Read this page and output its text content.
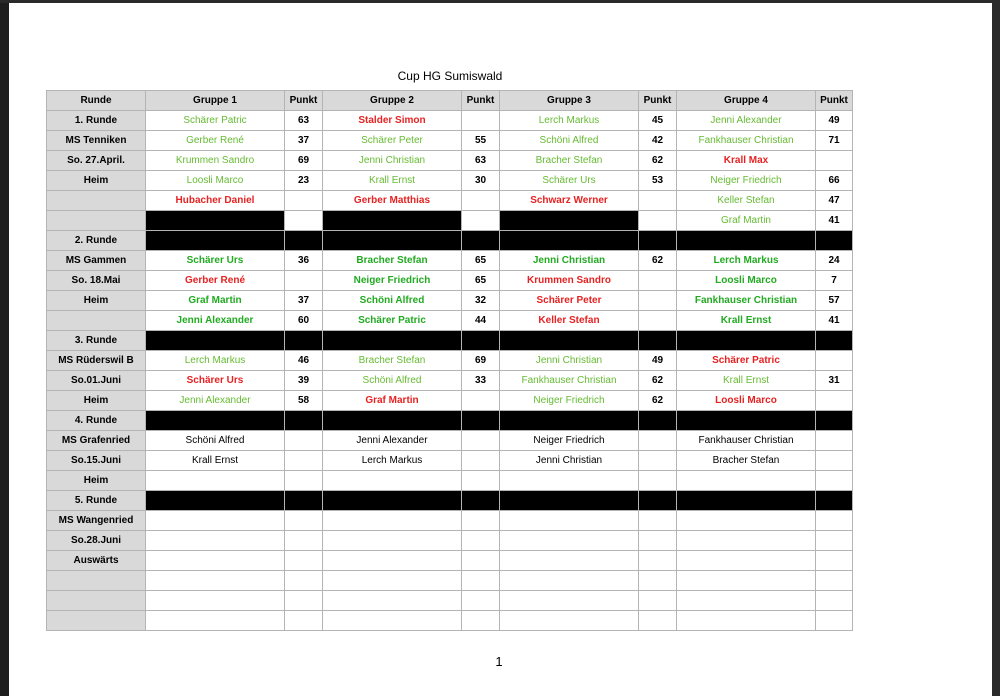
Cup HG Sumiswald
Runde	Gruppe 1	Punkt	Gruppe 2	Punkt	Gruppe 3	Punkt	Gruppe 4	Punkt
1. Runde	Schärer Patric	63	Stalder Simon		Lerch Markus	45	Jenni Alexander	49
MS Tenniken	Gerber René	37	Schärer Peter	55	Schöni Alfred	42	Fankhauser Christian	71
So. 27.April.	Krummen Sandro	69	Jenni Christian	63	Bracher Stefan	62	Krall Max	
Heim	Loosli Marco	23	Krall Ernst	30	Schärer Urs	53	Neiger Friedrich	66
	Hubacher Daniel		Gerber Matthias		Schwarz Werner		Keller Stefan	47
							Graf Martin	41
2. Runde								
MS Gammen	Schärer Urs	36	Bracher Stefan	65	Jenni Christian	62	Lerch Markus	24
So. 18.Mai	Gerber René		Neiger Friedrich	65	Krummen Sandro		Loosli Marco	7
Heim	Graf Martin	37	Schöni Alfred	32	Schärer Peter		Fankhauser Christian	57
	Jenni Alexander	60	Schärer Patric	44	Keller Stefan		Krall Ernst	41
3. Runde								
MS Rüderswil B	Lerch Markus	46	Bracher Stefan	69	Jenni Christian	49	Schärer Patric	
So.01.Juni	Schärer Urs	39	Schöni Alfred	33	Fankhauser Christian	62	Krall Ernst	31
Heim	Jenni Alexander	58	Graf Martin		Neiger Friedrich	62	Loosli Marco	
4. Runde								
MS Grafenried	Schöni Alfred		Jenni Alexander		Neiger Friedrich		Fankhauser Christian	
So.15.Juni	Krall Ernst		Lerch Markus		Jenni Christian		Bracher Stefan	
Heim								
5. Runde								
MS Wangenried								
So.28.Juni								
Auswärts								

1
